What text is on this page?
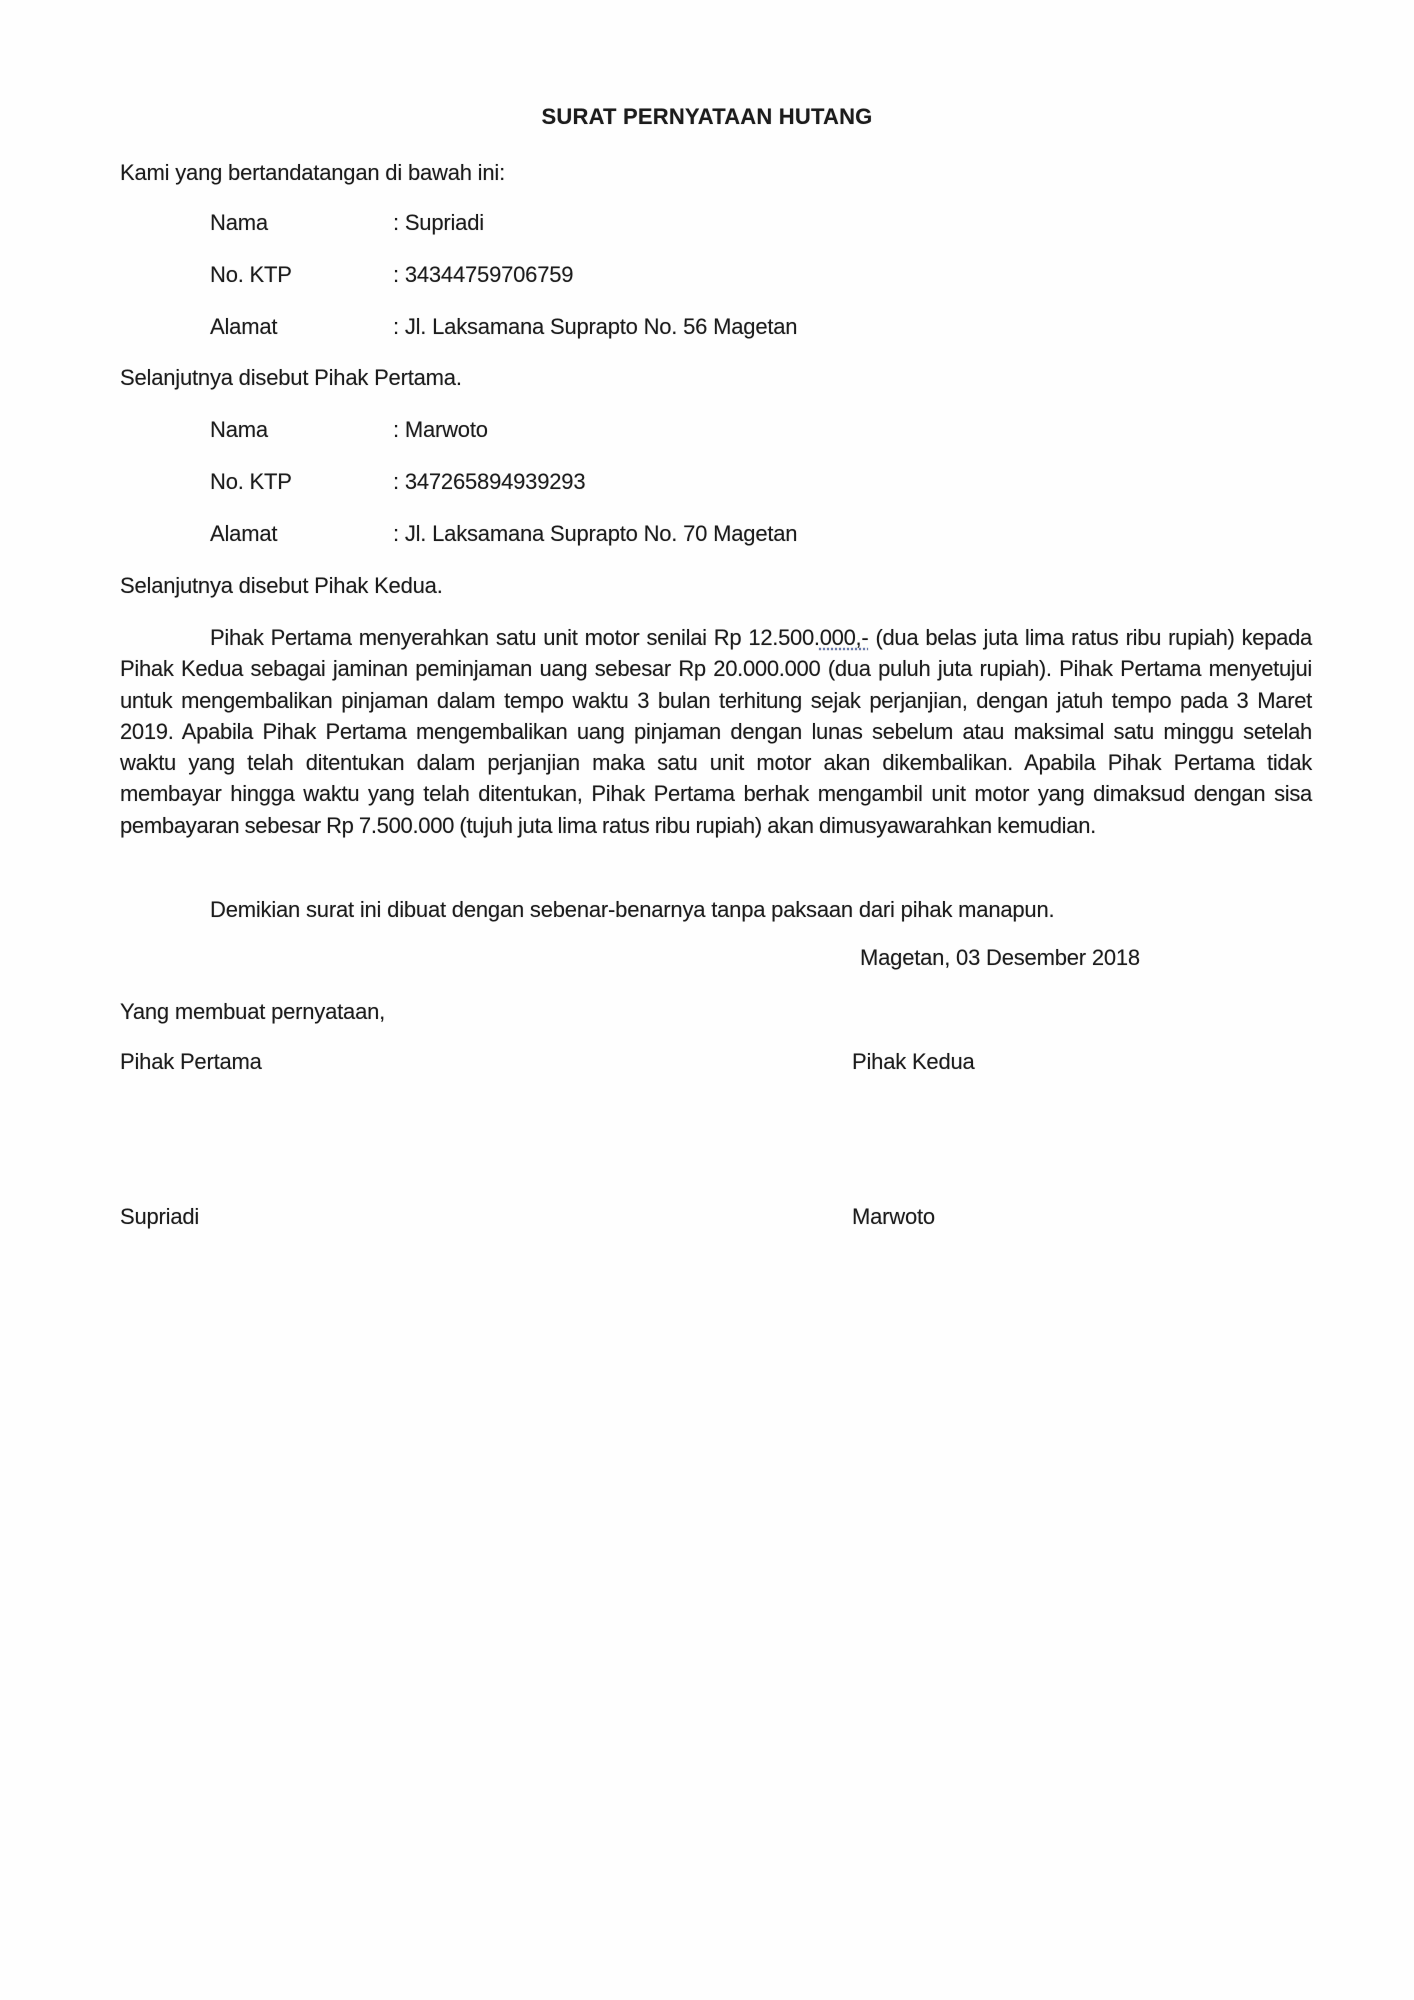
SURAT PERNYATAAN HUTANG
Kami yang bertandatangan di bawah ini:
Nama	: Supriadi
No. KTP	: 34344759706759
Alamat	: Jl. Laksamana Suprapto No. 56 Magetan
Selanjutnya disebut Pihak Pertama.
Nama	: Marwoto
No. KTP	: 347265894939293
Alamat	: Jl. Laksamana Suprapto No. 70 Magetan
Selanjutnya disebut Pihak Kedua.
Pihak Pertama menyerahkan satu unit motor senilai Rp 12.500.000,- (dua belas juta lima ratus ribu rupiah) kepada Pihak Kedua sebagai jaminan peminjaman uang sebesar Rp 20.000.000 (dua puluh juta rupiah). Pihak Pertama menyetujui untuk mengembalikan pinjaman dalam tempo waktu 3 bulan terhitung sejak perjanjian, dengan jatuh tempo pada 3 Maret 2019. Apabila Pihak Pertama mengembalikan uang pinjaman dengan lunas sebelum atau maksimal satu minggu setelah waktu yang telah ditentukan dalam perjanjian maka satu unit motor akan dikembalikan. Apabila Pihak Pertama tidak membayar hingga waktu yang telah ditentukan, Pihak Pertama berhak mengambil unit motor yang dimaksud dengan sisa pembayaran sebesar Rp 7.500.000 (tujuh juta lima ratus ribu rupiah) akan dimusyawarahkan kemudian.
Demikian surat ini dibuat dengan sebenar-benarnya tanpa paksaan dari pihak manapun.
Magetan, 03 Desember 2018
Yang membuat pernyataan,
Pihak Pertama	Pihak Kedua
Supriadi	Marwoto
